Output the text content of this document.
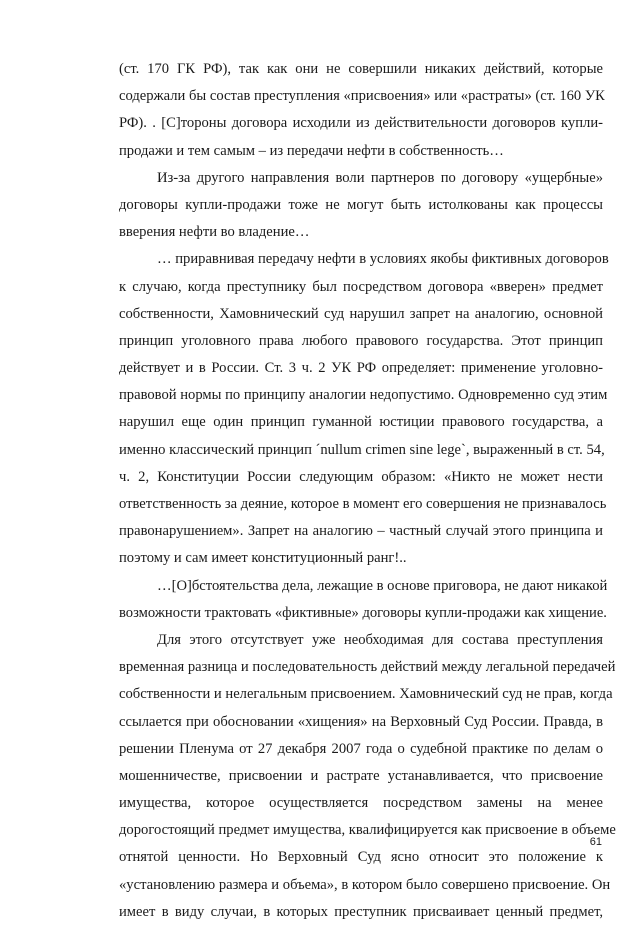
(ст. 170 ГК РФ), так как они не совершили никаких действий, которые
содержали бы состав преступления «присвоения» или «растраты» (ст. 160 УК
РФ). . [С]тороны договора исходили из действительности договоров купли-
продажи и тем самым – из передачи нефти в собственность…
Из-за другого направления воли партнеров по договору «ущербные»
договоры купли-продажи тоже не могут быть истолкованы как процессы
вверения нефти во владение…
… приравнивая передачу нефти в условиях якобы фиктивных договоров
к случаю, когда преступнику был посредством договора «вверен» предмет
собственности, Хамовнический суд нарушил запрет на аналогию, основной
принцип уголовного права любого правового государства. Этот принцип
действует и в России. Ст. 3 ч. 2 УК РФ определяет: применение уголовно-
правовой нормы по принципу аналогии недопустимо. Одновременно суд этим
нарушил еще один принцип гуманной юстиции правового государства, а
именно классический принцип ´nullum crimen sine lege`, выраженный в ст. 54,
ч. 2, Конституции России следующим образом: «Никто не может нести
ответственность за деяние, которое в момент его совершения не признавалось
правонарушением». Запрет на аналогию – частный случай этого принципа и
поэтому и сам имеет конституционный ранг!..
…[О]бстоятельства дела, лежащие в основе приговора, не дают никакой
возможности трактовать «фиктивные» договоры купли-продажи как хищение.
Для этого отсутствует уже необходимая для состава преступления
временная разница и последовательность действий между легальной передачей
собственности и нелегальным присвоением. Хамовнический суд не прав, когда
ссылается при обосновании «хищения» на Верховный Суд России. Правда, в
решении Пленума от 27 декабря 2007 года о судебной практике по делам о
мошенничестве, присвоении и растрате устанавливается, что присвоение
имущества, которое осуществляется посредством замены на менее
дорогостоящий предмет имущества, квалифицируется как присвоение в объеме
отнятой ценности. Но Верховный Суд ясно относит это положение к
«установлению размера и объема», в котором было совершено присвоение. Он
имеет в виду случаи, в которых преступник присваивает ценный предмет,
61
